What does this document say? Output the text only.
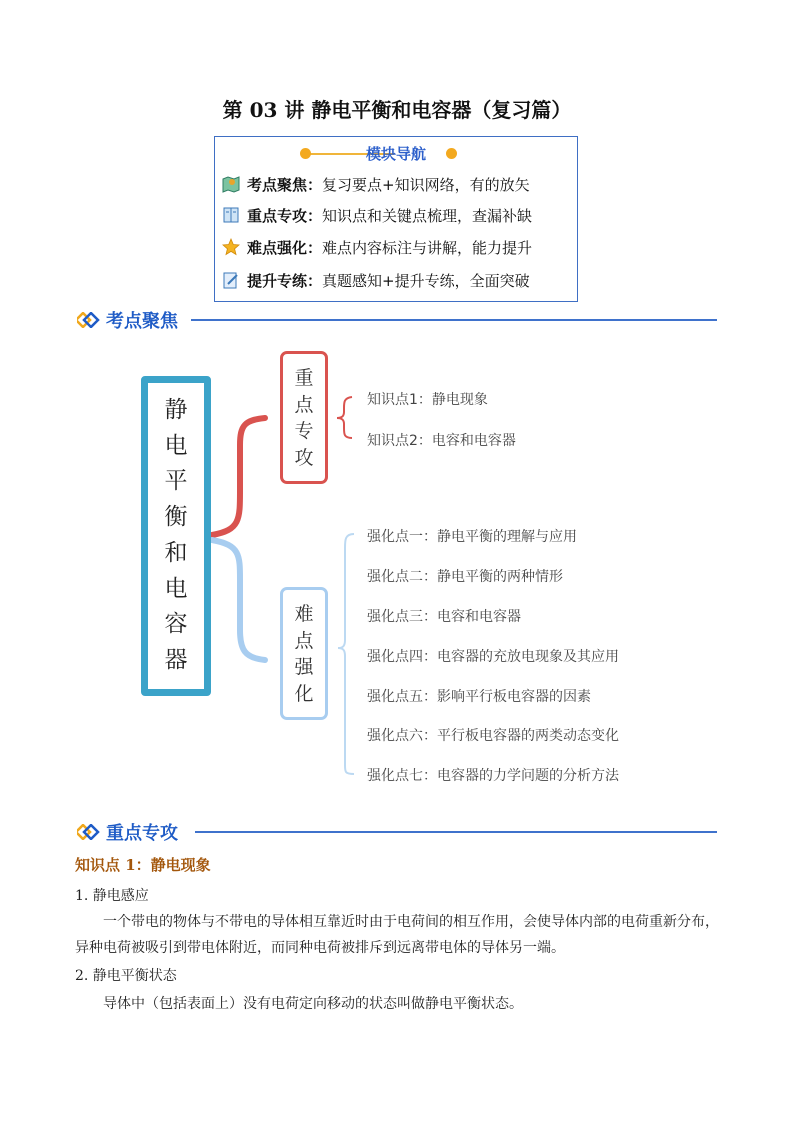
第 03 讲 静电平衡和电容器（复习篇）
模块导航
考点聚焦：复习要点+知识网络，有的放矢
重点专攻：知识点和关键点梳理，查漏补缺
难点强化：难点内容标注与讲解，能力提升
提升专练：真题感知+提升专练，全面突破
考点聚焦
静
电
平
衡
和
电
容
器
重
点
专
攻
难
点
强
化
知识点1：静电现象
知识点2：电容和电容器
强化点一：静电平衡的理解与应用
强化点二：静电平衡的两种情形
强化点三：电容和电容器
强化点四：电容器的充放电现象及其应用
强化点五：影响平行板电容器的因素
强化点六：平行板电容器的两类动态变化
强化点七：电容器的力学问题的分析方法
重点专攻
知识点 1：静电现象
1. 静电感应
一个带电的物体与不带电的导体相互靠近时由于电荷间的相互作用，会使导体内部的电荷重新分布，
异种电荷被吸引到带电体附近，而同种电荷被排斥到远离带电体的导体另一端。
2. 静电平衡状态
导体中（包括表面上）没有电荷定向移动的状态叫做静电平衡状态。
